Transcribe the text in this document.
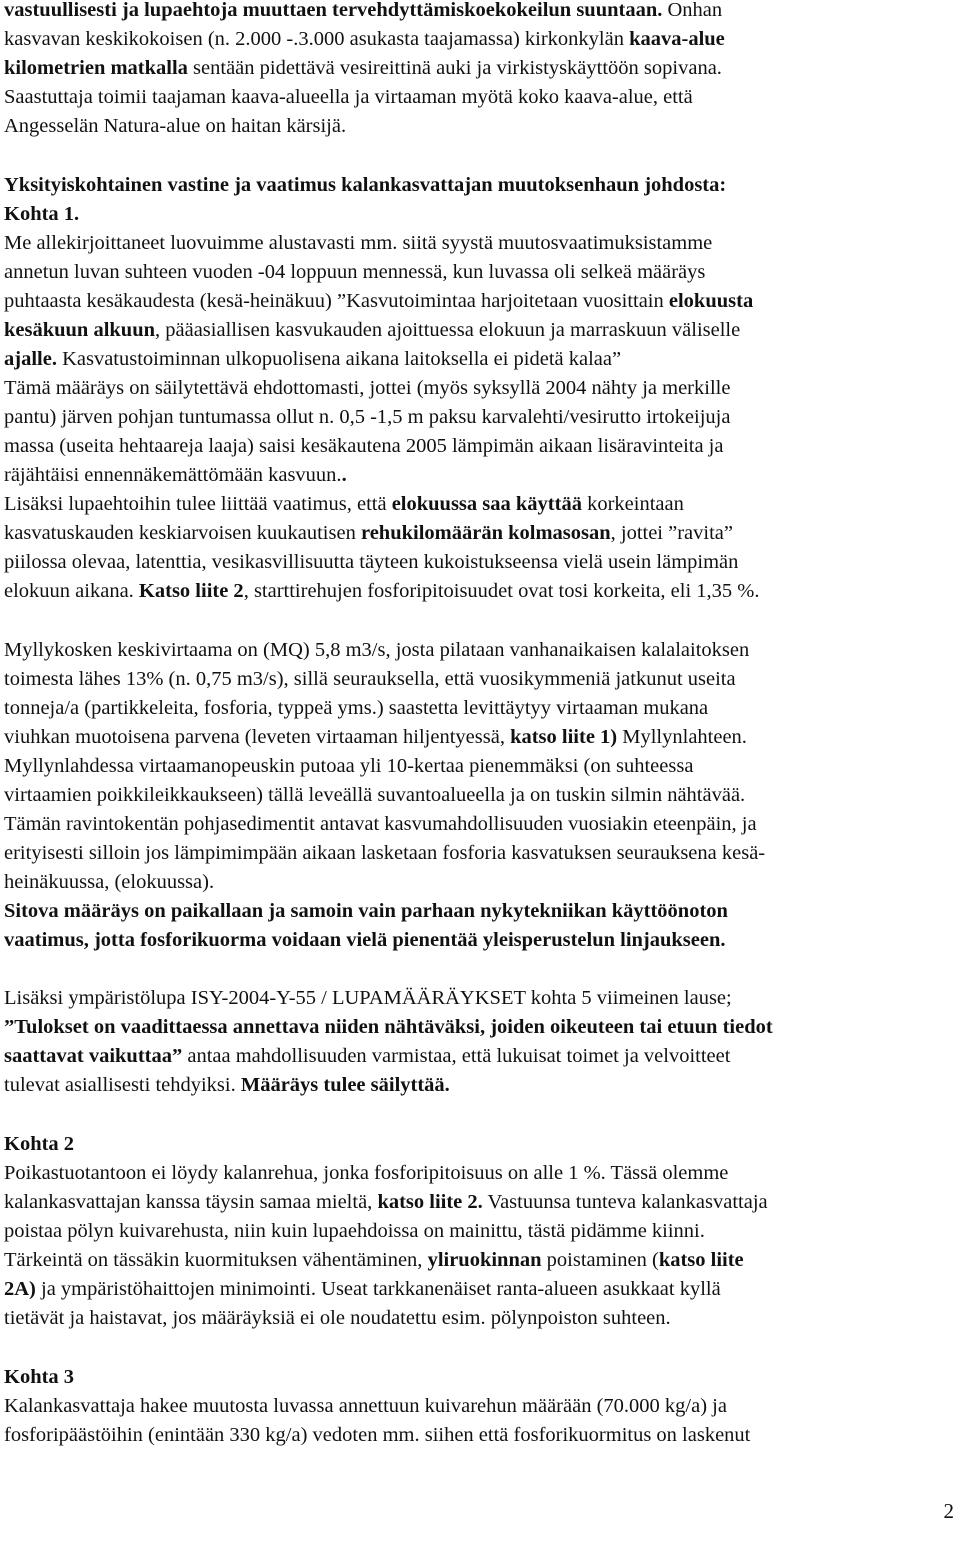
vastuullisesti ja lupaehtoja muuttaen tervehdyttämiskoekokeilun suuntaan. Onhan
kasvavan keskikokoisen (n. 2.000 -.3.000 asukasta taajamassa) kirkonkylän kaava-alue
kilometrien matkalla sentään pidettävä vesireittinä auki ja virkistyskäyttöön sopivana.
Saastuttaja toimii taajaman kaava-alueella ja virtaaman myötä koko kaava-alue, että
Angesselän Natura-alue on haitan kärsijä.
Yksityiskohtainen vastine ja vaatimus kalankasvattajan muutoksenhaun johdosta:
Kohta 1.
Me allekirjoittaneet luovuimme alustavasti mm. siitä syystä muutosvaatimuksistamme
annetun luvan suhteen vuoden -04 loppuun mennessä, kun luvassa oli selkeä määräys
puhtaasta kesäkaudesta (kesä-heinäkuu) ”Kasvutoimintaa harjoitetaan vuosittain elokuusta
kesäkuun alkuun, pääasiallisen kasvukauden ajoittuessa elokuun ja marraskuun väliselle
ajalle. Kasvatustoiminnan ulkopuolisena aikana laitoksella ei pidetä kalaa”
Tämä määräys on säilytettävä ehdottomasti, jottei (myös syksyllä 2004 nähty ja merkille
pantu) järven pohjan tuntumassa ollut n. 0,5 -1,5 m paksu karvalehti/vesirutto irtokeijuja
massa (useita hehtaareja laaja) saisi kesäkautena 2005 lämpimän aikaan lisäravinteita ja
räjähtäisi ennennäkemättömään kasvuun..
Lisäksi lupaehtoihin tulee liittää vaatimus, että elokuussa saa käyttää korkeintaan
kasvatuskauden keskiarvoisen kuukautisen rehukilomäärän kolmasosan, jottei ”ravita”
piilossa olevaa, latenttia, vesikasvillisuutta täyteen kukoistukseensa vielä usein lämpimän
elokuun aikana. Katso liite 2, starttirehujen fosforipitoisuudet ovat tosi korkeita, eli 1,35 %.
Myllykosken keskivirtaama on (MQ) 5,8 m3/s, josta pilataan vanhanaikaisen kalalaitoksen
toimesta lähes 13% (n. 0,75 m3/s), sillä seurauksella, että vuosikymmeniä jatkunut useita
tonneja/a (partikkeleita, fosforia, typpeä yms.) saastetta levittäytyy virtaaman mukana
viuhkan muotoisena parvena (leveten virtaaman hiljentyessä, katso liite 1) Myllynlahteen.
Myllynlahdessa virtaamanopeuskin putoaa yli 10-kertaa pienemmäksi (on suhteessa
virtaamien poikkileikkaukseen) tällä leveällä suvantoalueella ja on tuskin silmin nähtävää.
Tämän ravintokentän pohjasedimentit antavat kasvumahdollisuuden vuosiakin eteenpäin, ja
erityisesti silloin jos lämpimimpään aikaan lasketaan fosforia kasvatuksen seurauksena kesä-
heinäkuussa, (elokuussa).
Sitova määräys on paikallaan ja samoin vain parhaan nykytekniikan käyttöönoton
vaatimus, jotta fosforikuorma voidaan vielä pienentää yleisperustelun linjaukseen.
Lisäksi ympäristölupa ISY-2004-Y-55 / LUPAMÄÄRÄYKSET kohta 5 viimeinen lause;
”Tulokset on vaadittaessa annettava niiden nähtäväksi, joiden oikeuteen tai etuun tiedot
saattavat vaikuttaa” antaa mahdollisuuden varmistaa, että lukuisat toimet ja velvoitteet
tulevat asiallisesti tehdyiksi. Määräys tulee säilyttää.
Kohta 2
Poikastuotantoon ei löydy kalanrehua, jonka fosforipitoisuus on alle 1 %. Tässä olemme
kalankasvattajan kanssa täysin samaa mieltä, katso liite 2. Vastuunsa tunteva kalankasvattaja
poistaa pölyn kuivarehusta, niin kuin lupaehdoissa on mainittu, tästä pidämme kiinni.
Tärkeintä on tässäkin kuormituksen vähentäminen, yliruokinnan poistaminen (katso liite
2A) ja ympäristöhaittojen minimointi. Useat tarkkanenäiset ranta-alueen asukkaat kyllä
tietävät ja haistavat, jos määräyksiä ei ole noudatettu esim. pölynpoiston suhteen.
Kohta 3
Kalankasvattaja hakee muutosta luvassa annettuun kuivarehun määrään (70.000 kg/a) ja
fosforipäästöihin (enintään 330 kg/a) vedoten mm. siihen että fosforikuormitus on laskenut
2
